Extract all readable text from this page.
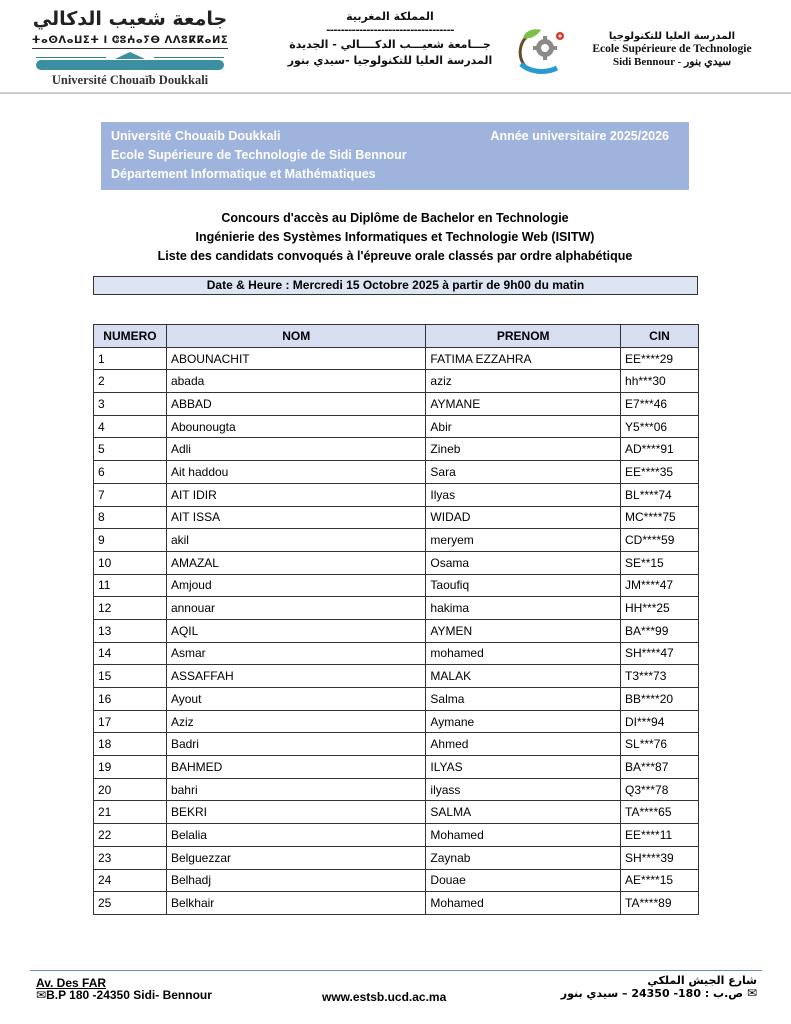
جامعة شعيب الدكالي
ⵜⴰⵙⴷⴰⵡⵉⵜ ⵏ ⵛⵓⵄⴰⵢⴱ ⴷⴷⵓⴽⴽⴰⵍⵉ
Université Chouaïb Doukkali
المملكة المغربية
-----------------------------------
جـــامعة شعيـــب الدكــــالي - الجديدة
المدرسة العليا للتكنولوجيا -سيدي بنور
المدرسة العليا للتكنولوجيا
Ecole Supérieure de Technologie
Sidi Bennour - سيدي بنور
Université Chouaib Doukkali
Ecole Supérieure de Technologie de Sidi Bennour
Département Informatique et Mathématiques
Année universitaire 2025/2026
Concours d'accès au Diplôme de Bachelor en Technologie
Ingénierie des Systèmes Informatiques et Technologie Web (ISITW)
Liste des candidats convoqués à l'épreuve orale classés par ordre alphabétique
Date & Heure : Mercredi 15 Octobre 2025 à partir de 9h00 du matin
NUMERO	NOM	PRENOM	CIN
1	ABOUNACHIT	FATIMA EZZAHRA	EE****29
2	abada	aziz	hh***30
3	ABBAD	AYMANE	E7***46
4	Abounougta	Abir	Y5***06
5	Adli	Zineb	AD****91
6	Ait haddou	Sara	EE****35
7	AIT IDIR	Ilyas	BL****74
8	AIT ISSA	WIDAD	MC****75
9	akil	meryem	CD****59
10	AMAZAL	Osama	SE**15
11	Amjoud	Taoufiq	JM****47
12	annouar	hakima	HH***25
13	AQIL	AYMEN	BA***99
14	Asmar	mohamed	SH****47
15	ASSAFFAH	MALAK	T3***73
16	Ayout	Salma	BB****20
17	Aziz	Aymane	DI***94
18	Badri	Ahmed	SL***76
19	BAHMED	ILYAS	BA***87
20	bahri	ilyass	Q3***78
21	BEKRI	SALMA	TA****65
22	Belalia	Mohamed	EE****11
23	Belguezzar	Zaynab	SH****39
24	Belhadj	Douae	AE****15
25	Belkhair	Mohamed	TA****89
Av. Des FAR
✉B.P 180 -24350 Sidi- Bennour	www.estsb.ucd.ac.ma
شارع الجيش الملكي
✉ ص.ب : 180- 24350 – سيدي بنور
